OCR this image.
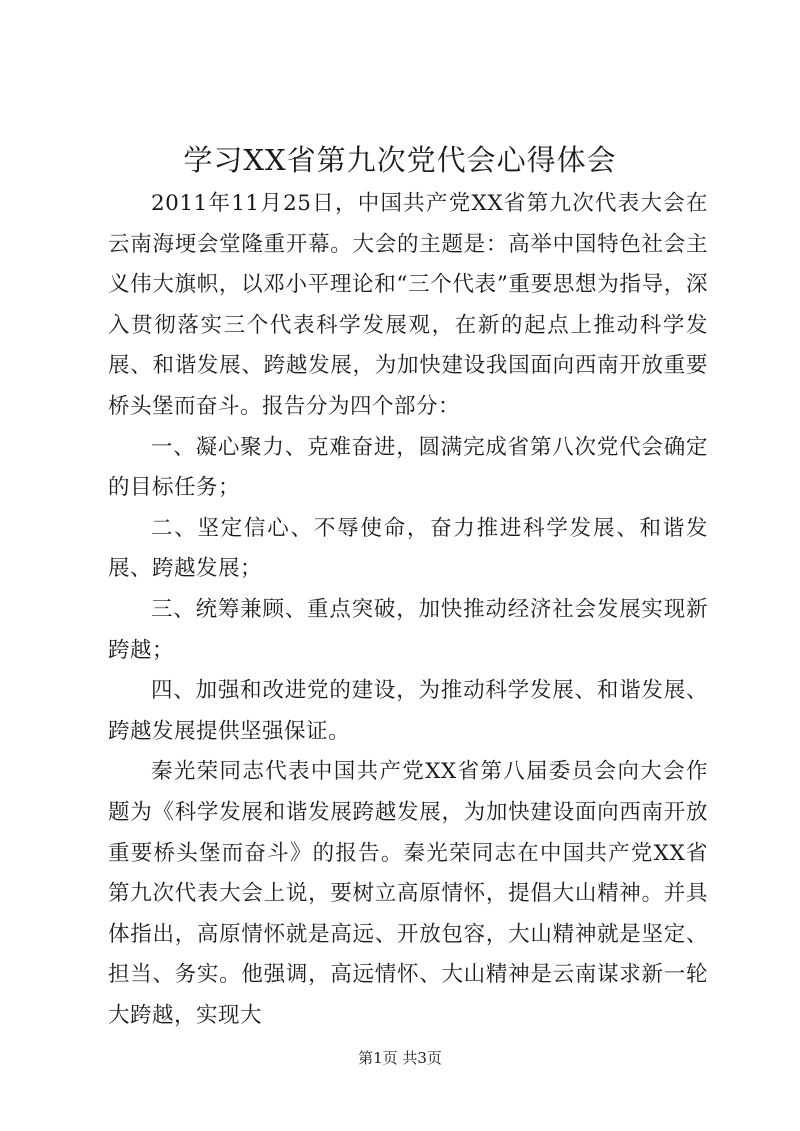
学习XX省第九次党代会心得体会

2011年11月25日，中国共产党XX省第九次代表大会在云南海埂会堂隆重开幕。大会的主题是：高举中国特色社会主义伟大旗帜，以邓小平理论和“三个代表”重要思想为指导，深入贯彻落实三个代表科学发展观，在新的起点上推动科学发展、和谐发展、跨越发展，为加快建设我国面向西南开放重要桥头堡而奋斗。报告分为四个部分：

一、凝心聚力、克难奋进，圆满完成省第八次党代会确定的目标任务；

二、坚定信心、不辱使命，奋力推进科学发展、和谐发展、跨越发展；

三、统筹兼顾、重点突破，加快推动经济社会发展实现新跨越；

四、加强和改进党的建设，为推动科学发展、和谐发展、跨越发展提供坚强保证。

秦光荣同志代表中国共产党XX省第八届委员会向大会作题为《科学发展和谐发展跨越发展，为加快建设面向西南开放重要桥头堡而奋斗》的报告。秦光荣同志在中国共产党XX省第九次代表大会上说，要树立高原情怀，提倡大山精神。并具体指出，高原情怀就是高远、开放包容，大山精神就是坚定、担当、务实。他强调，高远情怀、大山精神是云南谋求新一轮大跨越，实现大

第1页 共3页
